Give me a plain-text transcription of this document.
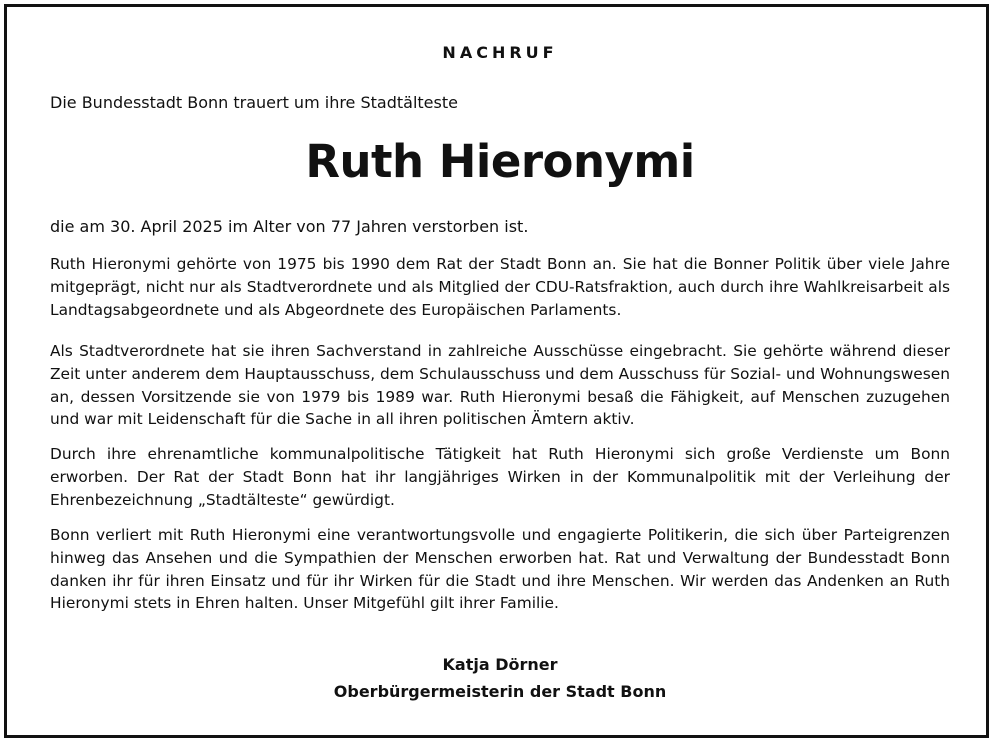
NACHRUF
Die Bundesstadt Bonn trauert um ihre Stadtälteste
Ruth Hieronymi
die am 30. April 2025 im Alter von 77 Jahren verstorben ist.

Ruth Hieronymi gehörte von 1975 bis 1990 dem Rat der Stadt Bonn an. Sie hat die Bonner Politik über viele Jahre mitgeprägt, nicht nur als Stadtverordnete und als Mitglied der CDU-Ratsfraktion, auch durch ihre Wahlkreisarbeit als Landtagsabgeordnete und als Abgeordnete des Europäischen Parlaments.

Als Stadtverordnete hat sie ihren Sachverstand in zahlreiche Ausschüsse eingebracht. Sie gehörte während dieser Zeit unter anderem dem Hauptausschuss, dem Schulausschuss und dem Ausschuss für Sozial- und Wohnungswesen an, dessen Vorsitzende sie von 1979 bis 1989 war. Ruth Hieronymi besaß die Fähigkeit, auf Menschen zuzugehen und war mit Leidenschaft für die Sache in all ihren politischen Ämtern aktiv.

Durch ihre ehrenamtliche kommunalpolitische Tätigkeit hat Ruth Hieronymi sich große Verdienste um Bonn erworben. Der Rat der Stadt Bonn hat ihr langjähriges Wirken in der Kommunalpolitik mit der Verleihung der Ehrenbezeichnung „Stadtälteste“ gewürdigt.

Bonn verliert mit Ruth Hieronymi eine verantwortungsvolle und engagierte Politikerin, die sich über Parteigrenzen hinweg das Ansehen und die Sympathien der Menschen erworben hat. Rat und Verwaltung der Bundesstadt Bonn danken ihr für ihren Einsatz und für ihr Wirken für die Stadt und ihre Menschen. Wir werden das Andenken an Ruth Hieronymi stets in Ehren halten. Unser Mitgefühl gilt ihrer Familie.

Katja Dörner
Oberbürgermeisterin der Stadt Bonn
